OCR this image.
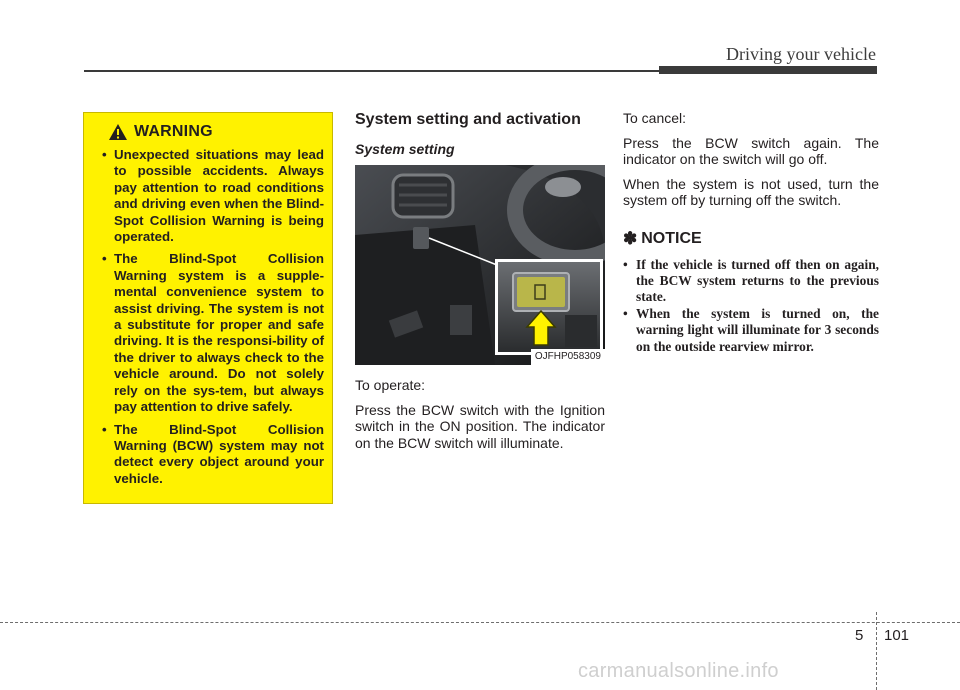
Driving your vehicle
WARNING
• Unexpected situations may lead to possible accidents. Always pay attention to road conditions and driving even when the Blind-Spot Collision Warning is being operated.
• The Blind-Spot Collision Warning system is a supple-mental convenience system to assist driving. The system is not a substitute for proper and safe driving. It is the responsi-bility of the driver to always check to the vehicle around. Do not solely rely on the sys-tem, but always pay attention to drive safely.
• The Blind-Spot Collision Warning (BCW) system may not detect every object around your vehicle.
System setting and activation
System setting
OJFHP058309

To operate:

Press the BCW switch with the Ignition switch in the ON position. The indicator on the BCW switch will illuminate.

To cancel:

Press the BCW switch again. The indicator on the switch will go off.

When the system is not used, turn the system off by turning off the switch.

✽ NOTICE
• If the vehicle is turned off then on again, the BCW system returns to the previous state.
• When the system is turned on, the warning light will illuminate for 3 seconds on the outside rearview mirror.
5 101
carmanualsonline.info
